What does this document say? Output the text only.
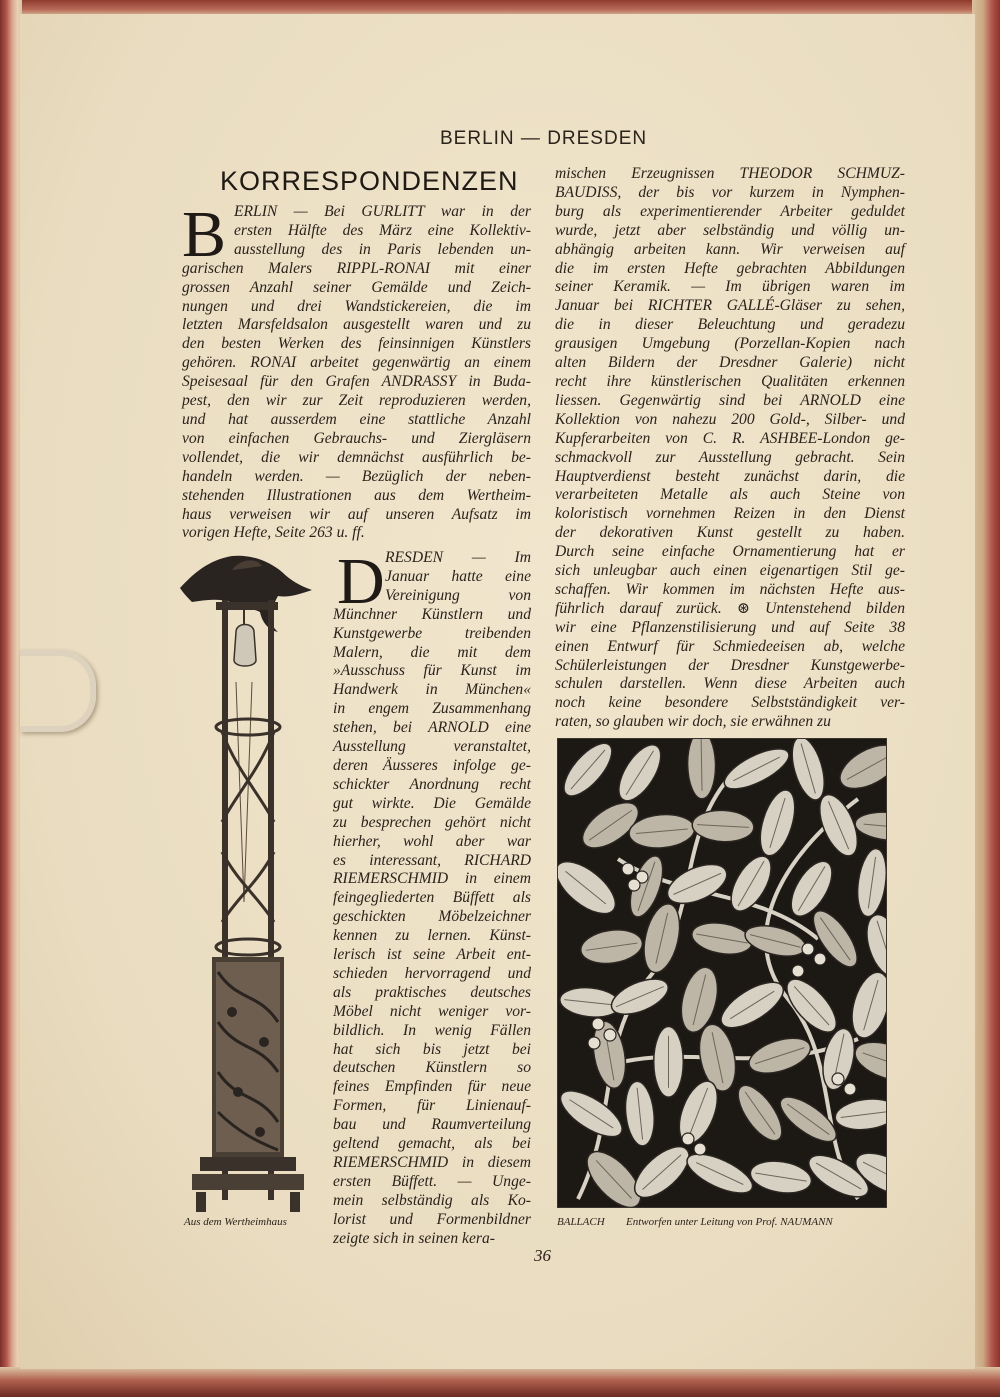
BERLIN — DRESDEN
KORRESPONDENZEN
B ERLIN — Bei GURLITT war in der
ersten Hälfte des März eine Kollektiv-
ausstellung des in Paris lebenden un-
garischen Malers RIPPL-RONAI mit einer
grossen Anzahl seiner Gemälde und Zeich-
nungen und drei Wandstickereien, die im
letzten Marsfeldsalon ausgestellt waren und zu
den besten Werken des feinsinnigen Künstlers
gehören. RONAI arbeitet gegenwärtig an einem
Speisesaal für den Grafen ANDRASSY in Buda-
pest, den wir zur Zeit reproduzieren werden,
und hat ausserdem eine stattliche Anzahl
von einfachen Gebrauchs- und Ziergläsern
vollendet, die wir demnächst ausführlich be-
handeln werden. — Bezüglich der neben-
stehenden Illustrationen aus dem Wertheim-
haus verweisen wir auf unseren Aufsatz im
vorigen Hefte, Seite 263 u. ff.
D RESDEN — Im
Januar hatte eine
Vereinigung von
Münchner Künstlern und
Kunstgewerbe treibenden
Malern, die mit dem
»Ausschuss für Kunst im
Handwerk in München«
in engem Zusammenhang
stehen, bei ARNOLD eine
Ausstellung veranstaltet,
deren Äusseres infolge ge-
schickter Anordnung recht
gut wirkte. Die Gemälde
zu besprechen gehört nicht
hierher, wohl aber war
es interessant, RICHARD
RIEMERSCHMID in einem
feingegliederten Büffett als
geschickten Möbelzeichner
kennen zu lernen. Künst-
lerisch ist seine Arbeit ent-
schieden hervorragend und
als praktisches deutsches
Möbel nicht weniger vor-
bildlich. In wenig Fällen
hat sich bis jetzt bei
deutschen Künstlern so
feines Empfinden für neue
Formen, für Linienauf-
bau und Raumverteilung
geltend gemacht, als bei
RIEMERSCHMID in diesem
ersten Büffett. — Unge-
mein selbständig als Ko-
lorist und Formenbildner
zeigte sich in seinen kera-
mischen Erzeugnissen THEODOR SCHMUZ-
BAUDISS, der bis vor kurzem in Nymphen-
burg als experimentierender Arbeiter geduldet
wurde, jetzt aber selbständig und völlig un-
abhängig arbeiten kann. Wir verweisen auf
die im ersten Hefte gebrachten Abbildungen
seiner Keramik. — Im übrigen waren im
Januar bei RICHTER GALLÉ-Gläser zu sehen,
die in dieser Beleuchtung und geradezu
grausigen Umgebung (Porzellan-Kopien nach
alten Bildern der Dresdner Galerie) nicht
recht ihre künstlerischen Qualitäten erkennen
liessen. Gegenwärtig sind bei ARNOLD eine
Kollektion von nahezu 200 Gold-, Silber- und
Kupferarbeiten von C. R. ASHBEE-London ge-
schmackvoll zur Ausstellung gebracht. Sein
Hauptverdienst besteht zunächst darin, die
verarbeiteten Metalle als auch Steine von
koloristisch vornehmen Reizen in den Dienst
der dekorativen Kunst gestellt zu haben.
Durch seine einfache Ornamentierung hat er
sich unleugbar auch einen eigenartigen Stil ge-
schaffen. Wir kommen im nächsten Hefte aus-
führlich darauf zurück. ⊛ Untenstehend bilden
wir eine Pflanzenstilisierung und auf Seite 38
einen Entwurf für Schmiedeeisen ab, welche
Schülerleistungen der Dresdner Kunstgewerbe-
schulen darstellen. Wenn diese Arbeiten auch
noch keine besondere Selbstständigkeit ver-
raten, so glauben wir doch, sie erwähnen zu
Aus dem Wertheimhaus	BALLACH Entworfen unter Leitung von Prof. NAUMANN
36
